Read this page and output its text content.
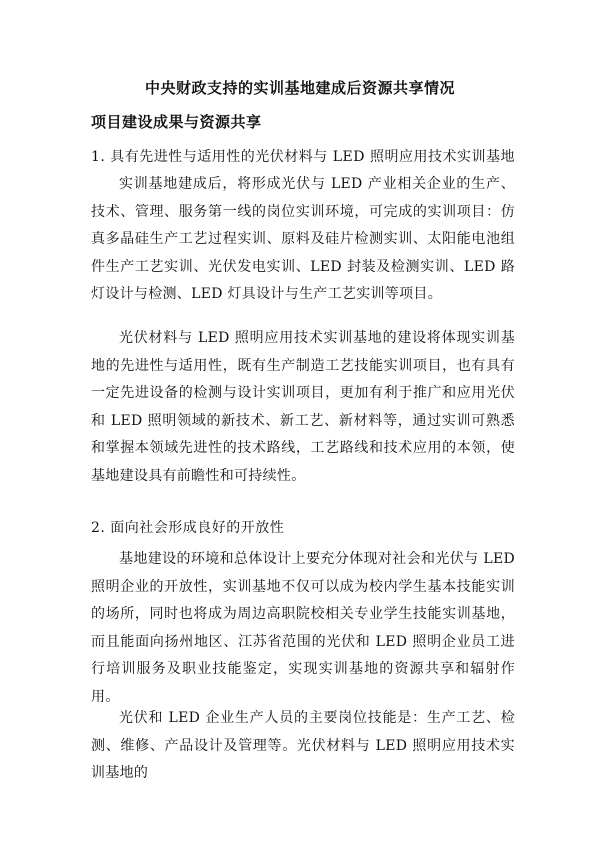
中央财政支持的实训基地建成后资源共享情况
项目建设成果与资源共享
1. 具有先进性与适用性的光伏材料与 LED 照明应用技术实训基地

实训基地建成后，将形成光伏与 LED 产业相关企业的生产、技术、管理、服务第一线的岗位实训环境，可完成的实训项目：仿真多晶硅生产工艺过程实训、原料及硅片检测实训、太阳能电池组件生产工艺实训、光伏发电实训、LED 封装及检测实训、LED 路灯设计与检测、LED 灯具设计与生产工艺实训等项目。

光伏材料与 LED 照明应用技术实训基地的建设将体现实训基地的先进性与适用性，既有生产制造工艺技能实训项目，也有具有一定先进设备的检测与设计实训项目，更加有利于推广和应用光伏和 LED 照明领域的新技术、新工艺、新材料等，通过实训可熟悉和掌握本领域先进性的技术路线，工艺路线和技术应用的本领，使基地建设具有前瞻性和可持续性。

2. 面向社会形成良好的开放性

基地建设的环境和总体设计上要充分体现对社会和光伏与 LED 照明企业的开放性，实训基地不仅可以成为校内学生基本技能实训的场所，同时也将成为周边高职院校相关专业学生技能实训基地，而且能面向扬州地区、江苏省范围的光伏和 LED 照明企业员工进行培训服务及职业技能鉴定，实现实训基地的资源共享和辐射作用。

光伏和 LED 企业生产人员的主要岗位技能是：生产工艺、检测、维修、产品设计及管理等。光伏材料与 LED 照明应用技术实训基地的
